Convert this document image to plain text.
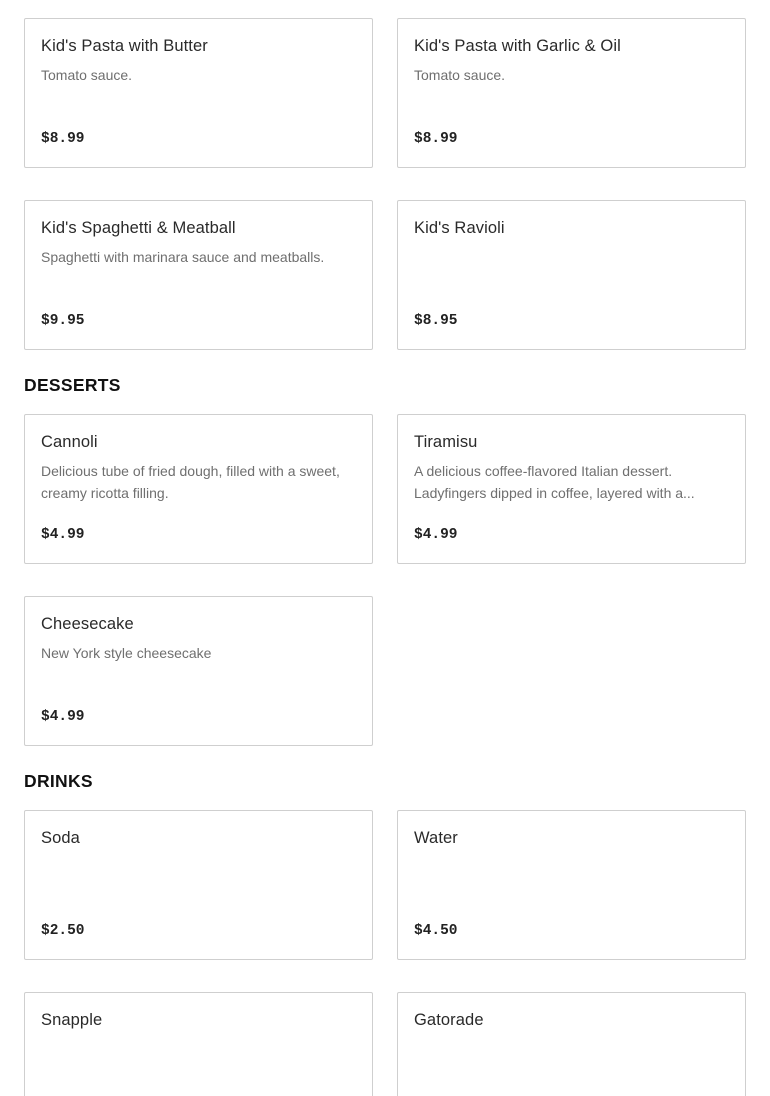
Kid's Pasta with Butter
Tomato sauce.
$8.99
Kid's Pasta with Garlic & Oil
Tomato sauce.
$8.99
Kid's Spaghetti & Meatball
Spaghetti with marinara sauce and meatballs.
$9.95
Kid's Ravioli
$8.95
DESSERTS
Cannoli
Delicious tube of fried dough, filled with a sweet, creamy ricotta filling.
$4.99
Tiramisu
A delicious coffee-flavored Italian dessert. Ladyfingers dipped in coffee, layered with a...
$4.99
Cheesecake
New York style cheesecake
$4.99
DRINKS
Soda
$2.50
Water
$4.50
Snapple	Gatorade
